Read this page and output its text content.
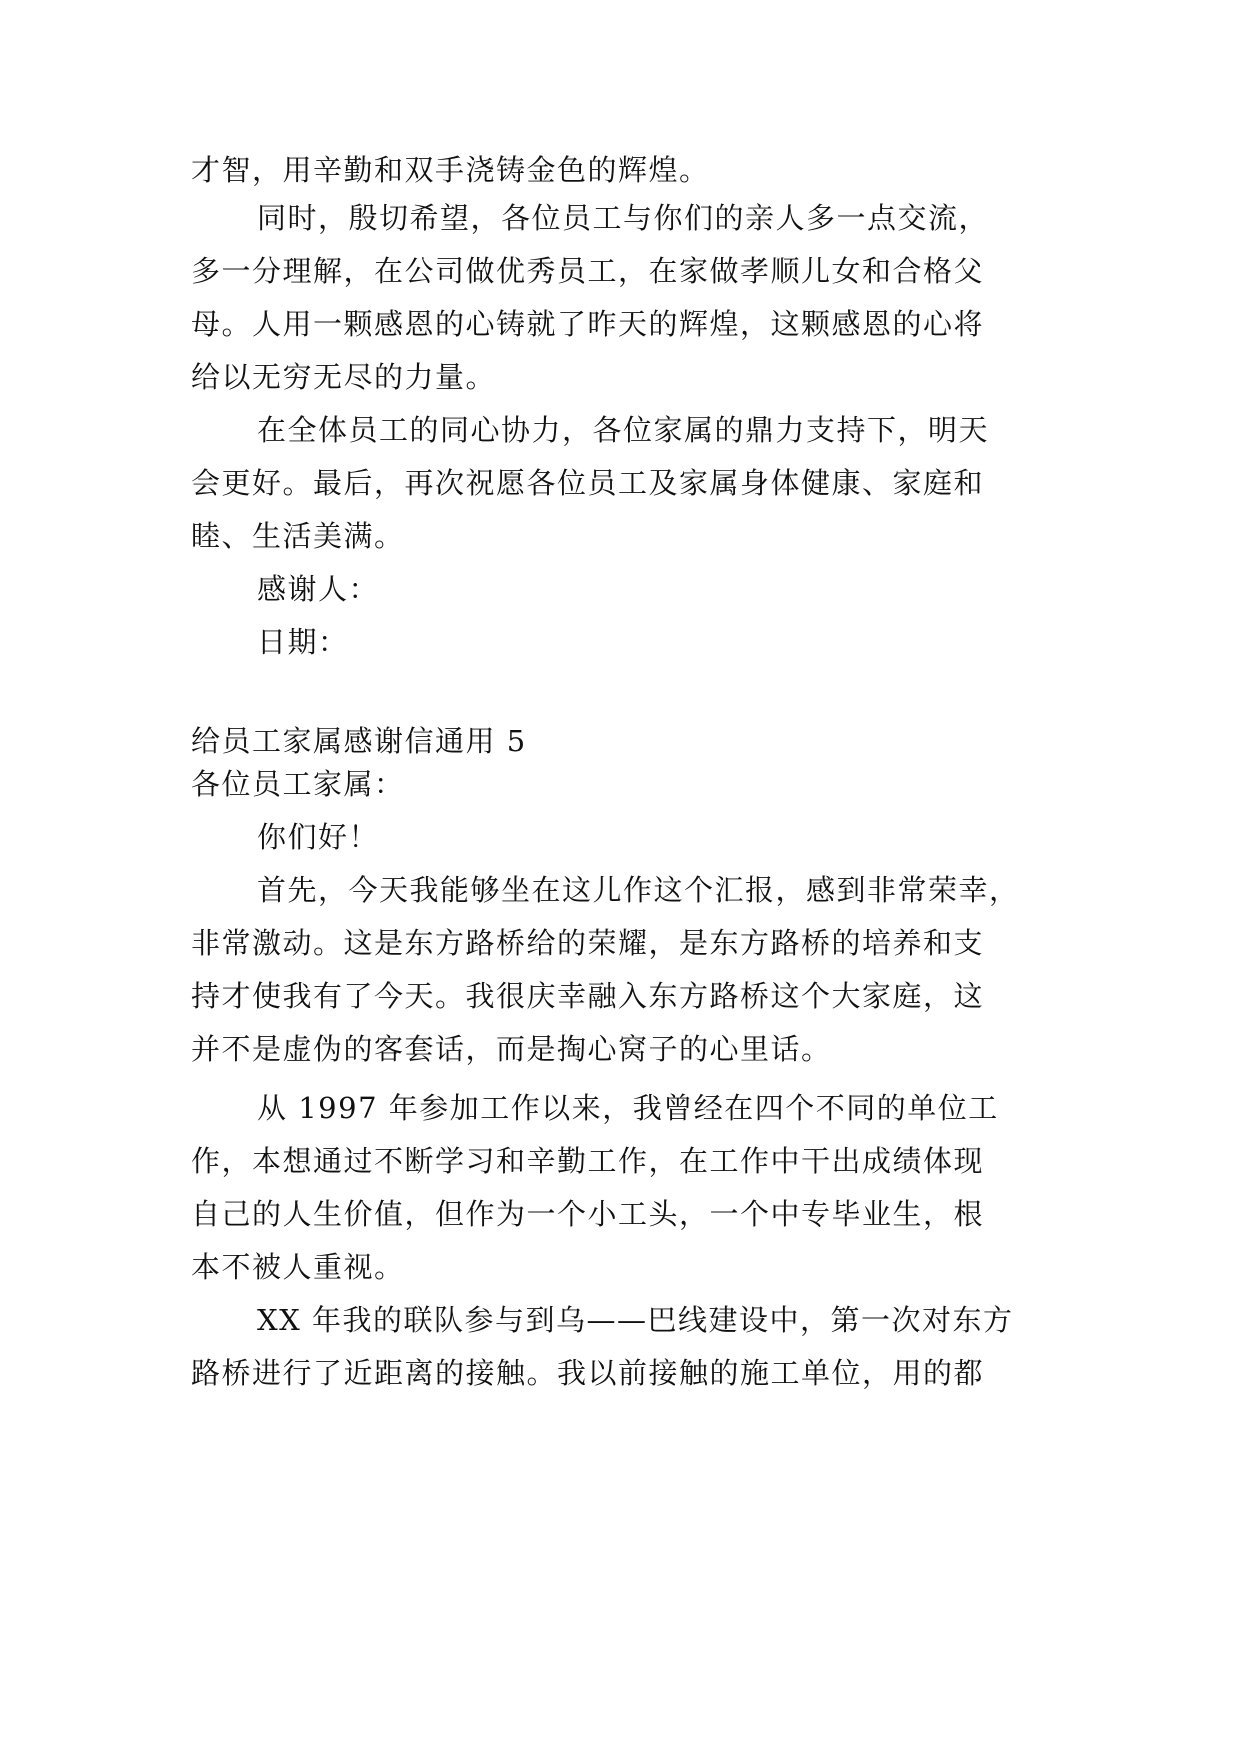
才智，用辛勤和双手浇铸金色的辉煌。
同时，殷切希望，各位员工与你们的亲人多一点交流，
多一分理解，在公司做优秀员工，在家做孝顺儿女和合格父
母。人用一颗感恩的心铸就了昨天的辉煌，这颗感恩的心将
给以无穷无尽的力量。
在全体员工的同心协力，各位家属的鼎力支持下，明天
会更好。最后，再次祝愿各位员工及家属身体健康、家庭和
睦、生活美满。
感谢人：
日期：
给员工家属感谢信通用 5
各位员工家属：
你们好！
首先，今天我能够坐在这儿作这个汇报，感到非常荣幸，
非常激动。这是东方路桥给的荣耀，是东方路桥的培养和支
持才使我有了今天。我很庆幸融入东方路桥这个大家庭，这
并不是虚伪的客套话，而是掏心窝子的心里话。
从 1997 年参加工作以来，我曾经在四个不同的单位工
作，本想通过不断学习和辛勤工作，在工作中干出成绩体现
自己的人生价值，但作为一个小工头，一个中专毕业生，根
本不被人重视。
XX 年我的联队参与到乌——巴线建设中，第一次对东方
路桥进行了近距离的接触。我以前接触的施工单位，用的都
